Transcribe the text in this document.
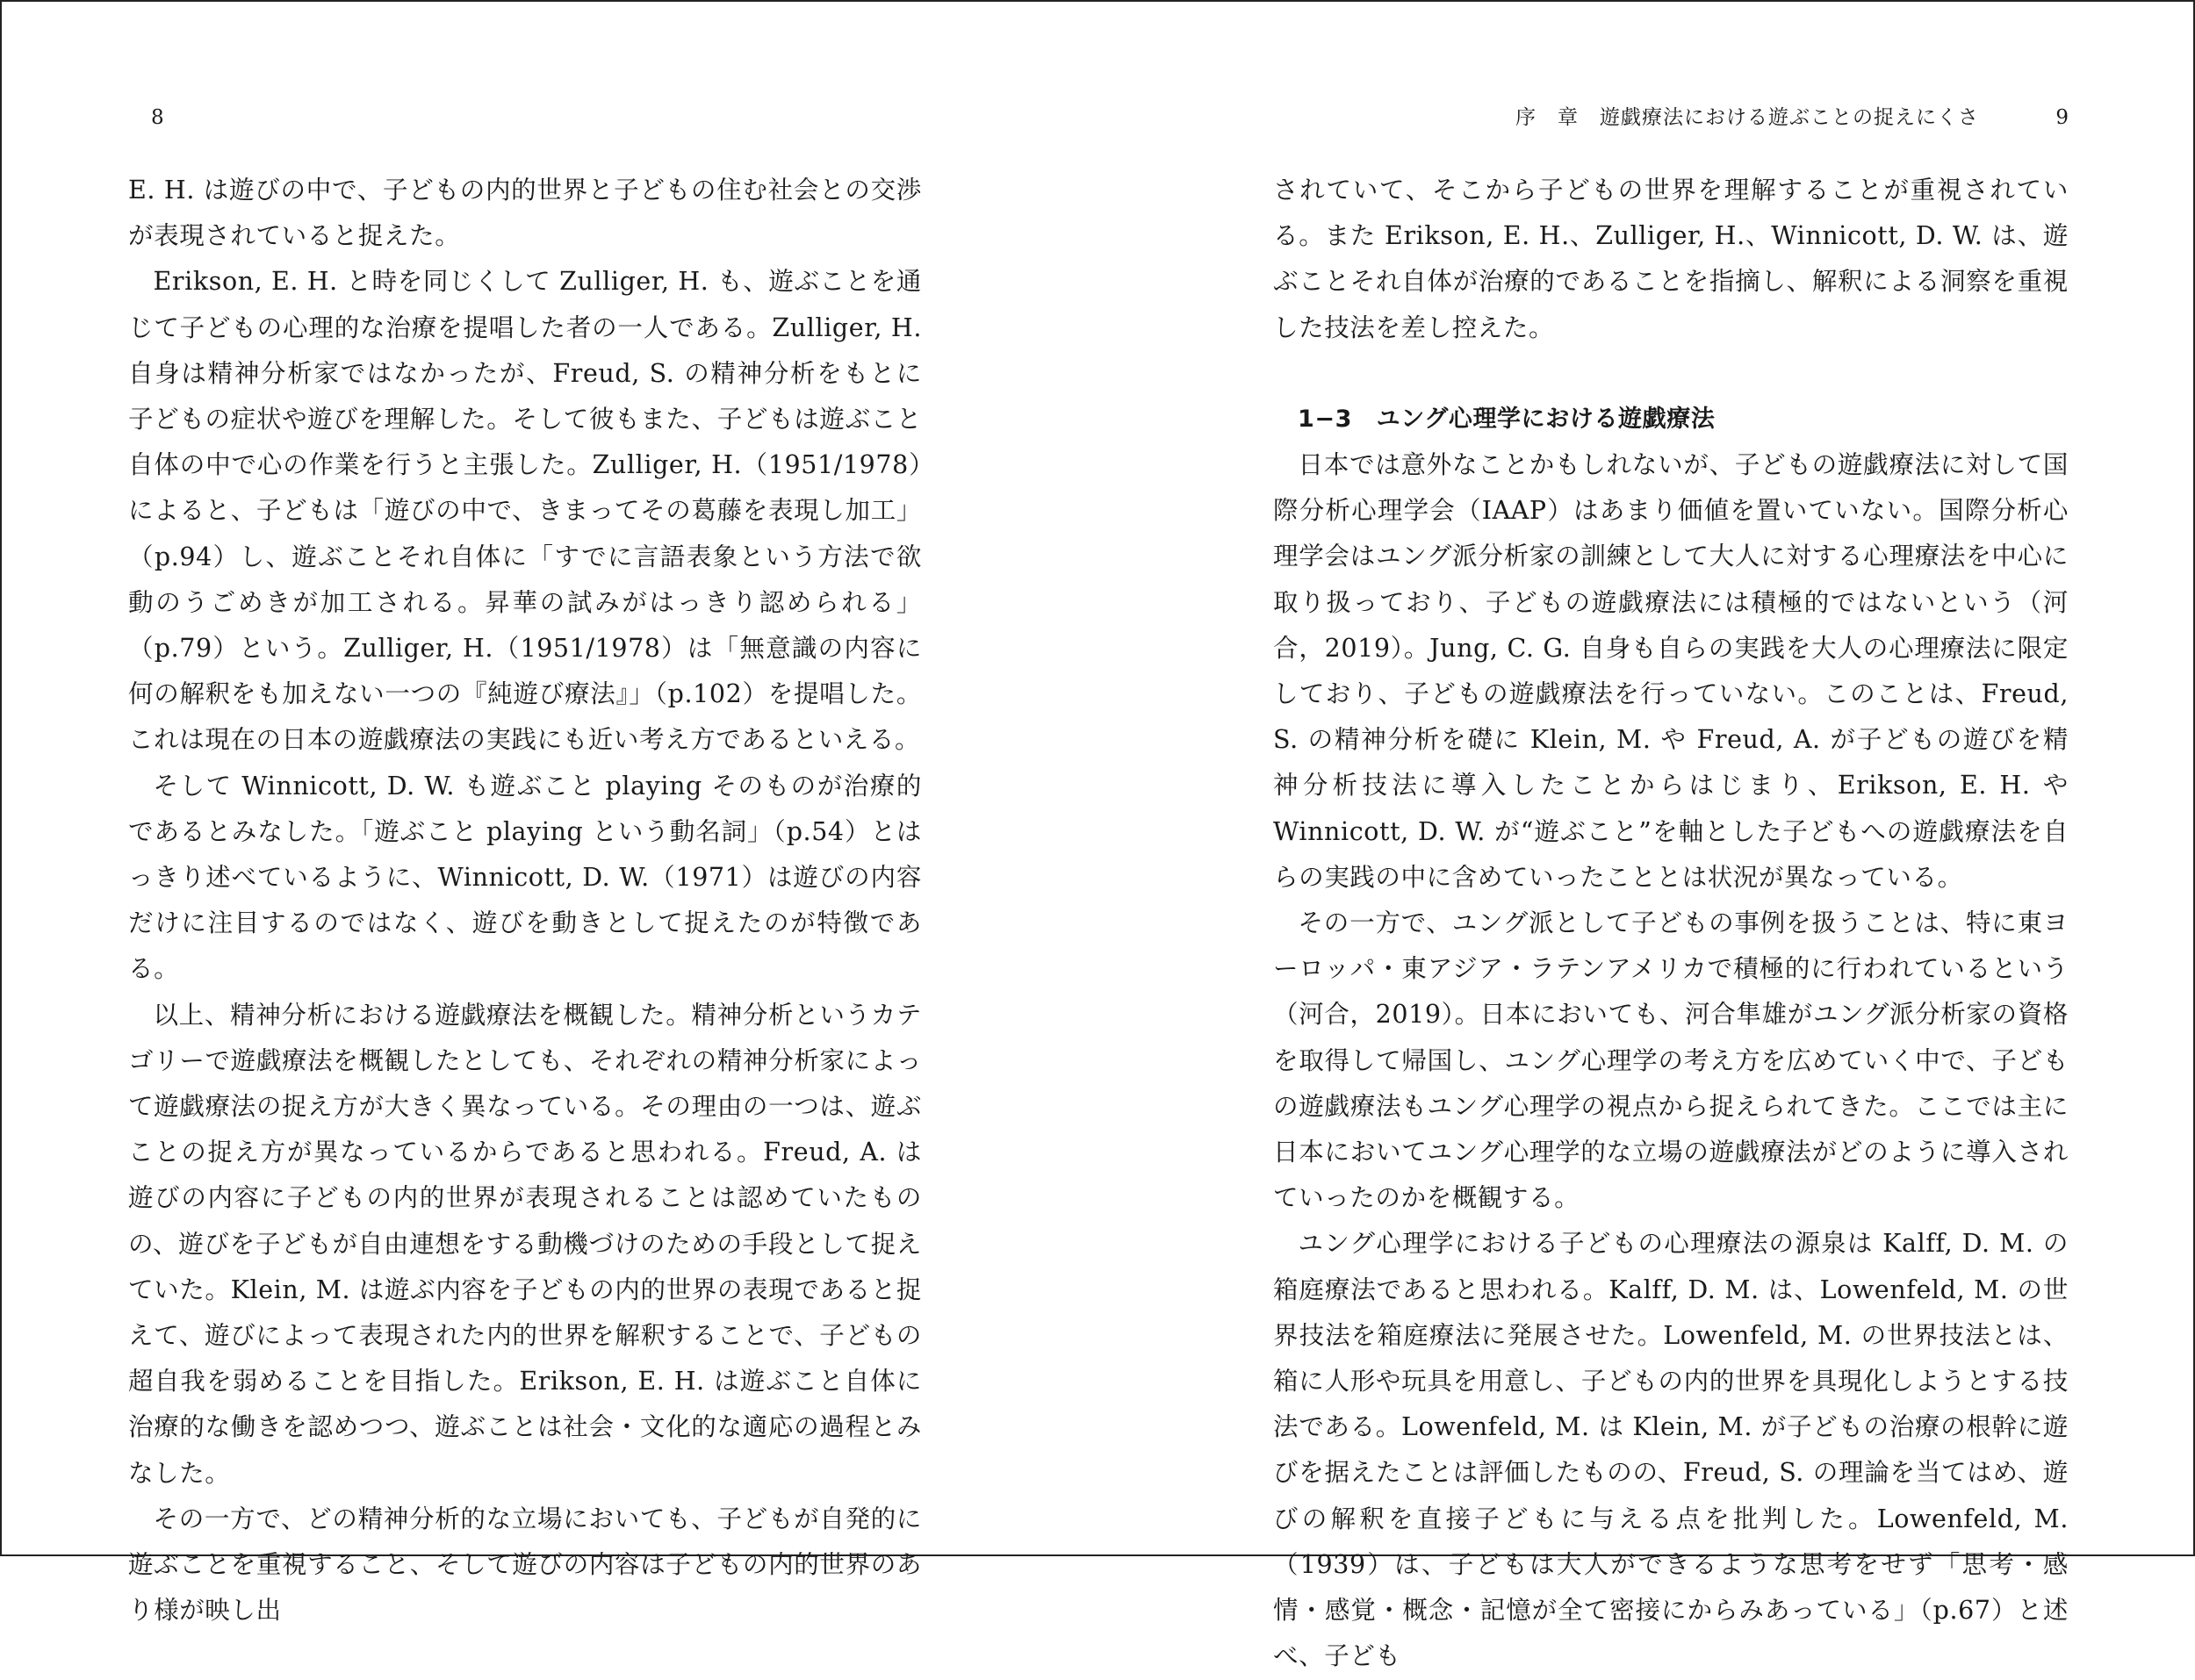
8

E. H. は遊びの中で、子どもの内的世界と子どもの住む社会との交渉が表現されていると捉えた。

Erikson, E. H. と時を同じくして Zulliger, H. も、遊ぶことを通じて子どもの心理的な治療を提唱した者の一人である。Zulliger, H. 自身は精神分析家ではなかったが、Freud, S. の精神分析をもとに子どもの症状や遊びを理解した。そして彼もまた、子どもは遊ぶこと自体の中で心の作業を行うと主張した。Zulliger, H.（1951/1978）によると、子どもは「遊びの中で、きまってその葛藤を表現し加工」（p.94）し、遊ぶことそれ自体に「すでに言語表象という方法で欲動のうごめきが加工される。昇華の試みがはっきり認められる」（p.79）という。Zulliger, H.（1951/1978）は「無意識の内容に何の解釈をも加えない一つの『純遊び療法』」（p.102）を提唱した。これは現在の日本の遊戯療法の実践にも近い考え方であるといえる。

そして Winnicott, D. W. も遊ぶこと playing そのものが治療的であるとみなした。「遊ぶこと playing という動名詞」（p.54）とはっきり述べているように、Winnicott, D. W.（1971）は遊びの内容だけに注目するのではなく、遊びを動きとして捉えたのが特徴である。

以上、精神分析における遊戯療法を概観した。精神分析というカテゴリーで遊戯療法を概観したとしても、それぞれの精神分析家によって遊戯療法の捉え方が大きく異なっている。その理由の一つは、遊ぶことの捉え方が異なっているからであると思われる。Freud, A. は遊びの内容に子どもの内的世界が表現されることは認めていたものの、遊びを子どもが自由連想をする動機づけのための手段として捉えていた。Klein, M. は遊ぶ内容を子どもの内的世界の表現であると捉えて、遊びによって表現された内的世界を解釈することで、子どもの超自我を弱めることを目指した。Erikson, E. H. は遊ぶこと自体に治療的な働きを認めつつ、遊ぶことは社会・文化的な適応の過程とみなした。

その一方で、どの精神分析的な立場においても、子どもが自発的に遊ぶことを重視すること、そして遊びの内容は子どもの内的世界のあり様が映し出

序　章　遊戯療法における遊ぶことの捉えにくさ	9

されていて、そこから子どもの世界を理解することが重視されている。また Erikson, E. H.、Zulliger, H.、Winnicott, D. W. は、遊ぶことそれ自体が治療的であることを指摘し、解釈による洞察を重視した技法を差し控えた。

1−3　ユング心理学における遊戯療法

日本では意外なことかもしれないが、子どもの遊戯療法に対して国際分析心理学会（IAAP）はあまり価値を置いていない。国際分析心理学会はユング派分析家の訓練として大人に対する心理療法を中心に取り扱っており、子どもの遊戯療法には積極的ではないという（河合，2019）。Jung, C. G. 自身も自らの実践を大人の心理療法に限定しており、子どもの遊戯療法を行っていない。このことは、Freud, S. の精神分析を礎に Klein, M. や Freud, A. が子どもの遊びを精神分析技法に導入したことからはじまり、Erikson, E. H. や Winnicott, D. W. が“遊ぶこと”を軸とした子どもへの遊戯療法を自らの実践の中に含めていったこととは状況が異なっている。

その一方で、ユング派として子どもの事例を扱うことは、特に東ヨーロッパ・東アジア・ラテンアメリカで積極的に行われているという（河合，2019）。日本においても、河合隼雄がユング派分析家の資格を取得して帰国し、ユング心理学の考え方を広めていく中で、子どもの遊戯療法もユング心理学の視点から捉えられてきた。ここでは主に日本においてユング心理学的な立場の遊戯療法がどのように導入されていったのかを概観する。

ユング心理学における子どもの心理療法の源泉は Kalff, D. M. の箱庭療法であると思われる。Kalff, D. M. は、Lowenfeld, M. の世界技法を箱庭療法に発展させた。Lowenfeld, M. の世界技法とは、箱に人形や玩具を用意し、子どもの内的世界を具現化しようとする技法である。Lowenfeld, M. は Klein, M. が子どもの治療の根幹に遊びを据えたことは評価したものの、Freud, S. の理論を当てはめ、遊びの解釈を直接子どもに与える点を批判した。Lowenfeld, M.（1939）は、子どもは大人ができるような思考をせず「思考・感情・感覚・概念・記憶が全て密接にからみあっている」（p.67）と述べ、子ども
